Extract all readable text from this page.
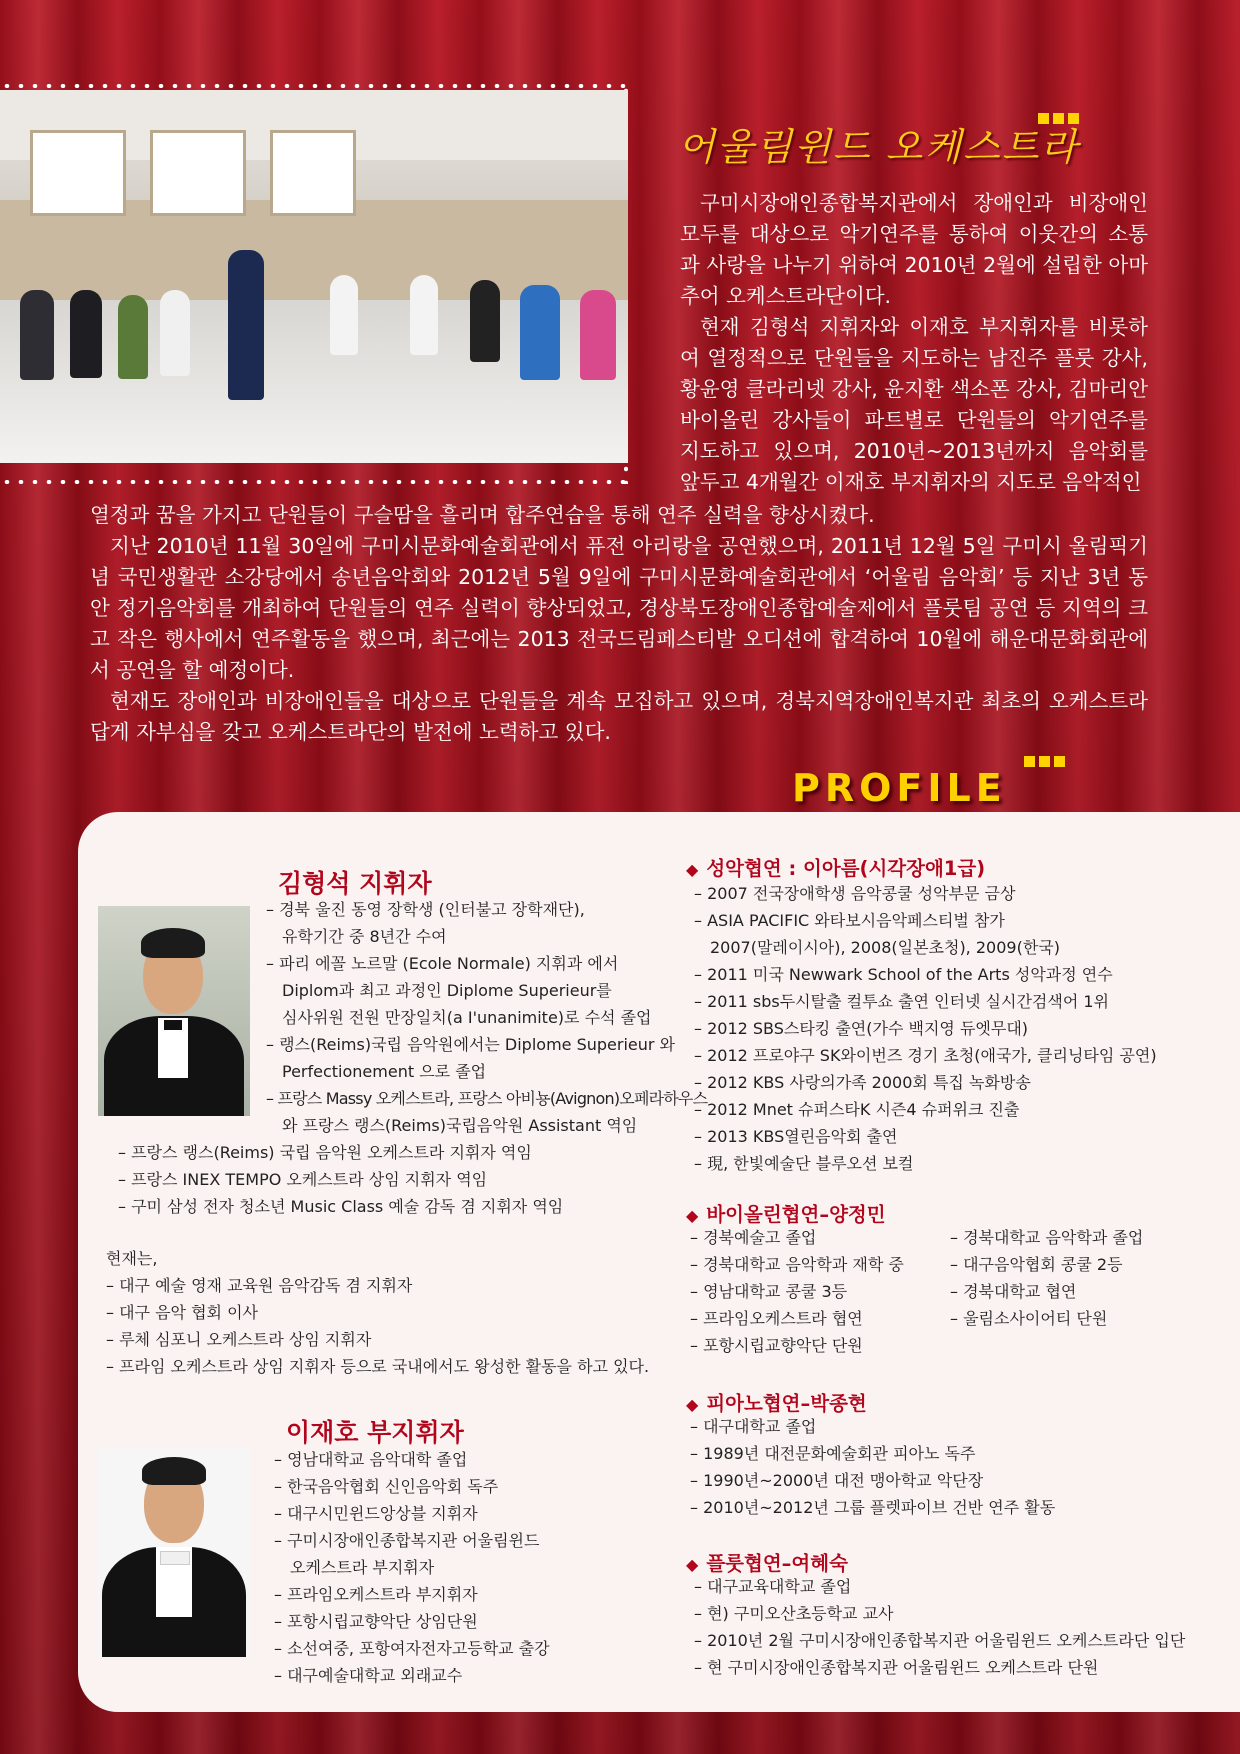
어울림윈드 오케스트라

구미시장애인종합복지관에서 장애인과 비장애인 모두를 대상으로 악기연주를 통하여 이웃간의 소통과 사랑을 나누기 위하여 2010년 2월에 설립한 아마추어 오케스트라단이다.

현재 김형석 지휘자와 이재호 부지휘자를 비롯하여 열정적으로 단원들을 지도하는 남진주 플룻 강사, 황윤영 클라리넷 강사, 윤지환 색소폰 강사, 김마리안 바이올린 강사들이 파트별로 단원들의 악기연주를 지도하고 있으며, 2010년~2013년까지 음악회를 앞두고 4개월간 이재호 부지휘자의 지도로 음악적인

열정과 꿈을 가지고 단원들이 구슬땀을 흘리며 합주연습을 통해 연주 실력을 향상시켰다.

지난 2010년 11월 30일에 구미시문화예술회관에서 퓨전 아리랑을 공연했으며, 2011년 12월 5일 구미시 올림픽기념 국민생활관 소강당에서 송년음악회와 2012년 5월 9일에 구미시문화예술회관에서 ‘어울림 음악회’ 등 지난 3년 동안 정기음악회를 개최하여 단원들의 연주 실력이 향상되었고, 경상북도장애인종합예술제에서 플룻팀 공연 등 지역의 크고 작은 행사에서 연주활동을 했으며, 최근에는 2013 전국드림페스티발 오디션에 합격하여 10월에 해운대문화회관에서 공연을 할 예정이다.

현재도 장애인과 비장애인들을 대상으로 단원들을 계속 모집하고 있으며, 경북지역장애인복지관 최초의 오케스트라답게 자부심을 갖고 오케스트라단의 발전에 노력하고 있다.

PROFILE
김형석 지휘자
– 경북 울진 동영 장학생 (인터불고 장학재단),
유학기간 중 8년간 수여
– 파리 에꼴 노르말 (Ecole Normale) 지휘과 에서
Diplom과 최고 과정인 Diplome Superieur를
심사위원 전원 만장일치(a I'unanimite)로 수석 졸업
– 랭스(Reims)국립 음악원에서는 Diplome Superieur 와
Perfectionement 으로 졸업
– 프랑스 Massy 오케스트라, 프랑스 아비뇽(Avignon)오페라하우스
와 프랑스 랭스(Reims)국립음악원 Assistant 역임
– 프랑스 랭스(Reims) 국립 음악원 오케스트라 지휘자 역임
– 프랑스 INEX TEMPO 오케스트라 상임 지휘자 역임
– 구미 삼성 전자 청소년 Music Class 예술 감독 겸 지휘자 역임
현재는,
– 대구 예술 영재 교육원 음악감독 겸 지휘자
– 대구 음악 협회 이사
– 루체 심포니 오케스트라 상임 지휘자
– 프라임 오케스트라 상임 지휘자 등으로 국내에서도 왕성한 활동을 하고 있다.
이재호 부지휘자
– 영남대학교 음악대학 졸업
– 한국음악협회 신인음악회 독주
– 대구시민윈드앙상블 지휘자
– 구미시장애인종합복지관 어울림윈드
오케스트라 부지휘자
– 프라임오케스트라 부지휘자
– 포항시립교향악단 상임단원
– 소선여중, 포항여자전자고등학교 출강
– 대구예술대학교 외래교수
◆ 성악협연 : 이아름(시각장애1급)
– 2007 전국장애학생 음악콩쿨 성악부문 금상
– ASIA PACIFIC 와타보시음악페스티벌 참가
2007(말레이시아), 2008(일본초청), 2009(한국)
– 2011 미국 Newwark School of the Arts 성악과정 연수
– 2011 sbs두시탈출 컬투쇼 출연 인터넷 실시간검색어 1위
– 2012 SBS스타킹 출연(가수 백지영 듀엣무대)
– 2012 프로야구 SK와이번즈 경기 초청(애국가, 클리닝타임 공연)
– 2012 KBS 사랑의가족 2000회 특집 녹화방송
– 2012 Mnet 슈퍼스타K 시즌4 슈퍼위크 진출
– 2013 KBS열린음악회 출연
– 現, 한빛예술단 블루오션 보컬
◆ 바이올린협연–양정민
– 경북예술고 졸업
– 경북대학교 음악학과 재학 중
– 영남대학교 콩쿨 3등
– 프라임오케스트라 협연
– 포항시립교향악단 단원
– 경북대학교 음악학과 졸업
– 대구음악협회 콩쿨 2등
– 경북대학교 협연
– 울림소사이어티 단원
◆ 피아노협연–박종현
– 대구대학교 졸업
– 1989년 대전문화예술회관 피아노 독주
– 1990년~2000년 대전 맹아학교 악단장
– 2010년~2012년 그룹 플렛파이브 건반 연주 활동
◆ 플룻협연–여혜숙
– 대구교육대학교 졸업
– 현) 구미오산초등학교 교사
– 2010년 2월 구미시장애인종합복지관 어울림윈드 오케스트라단 입단
– 현 구미시장애인종합복지관 어울림윈드 오케스트라 단원
